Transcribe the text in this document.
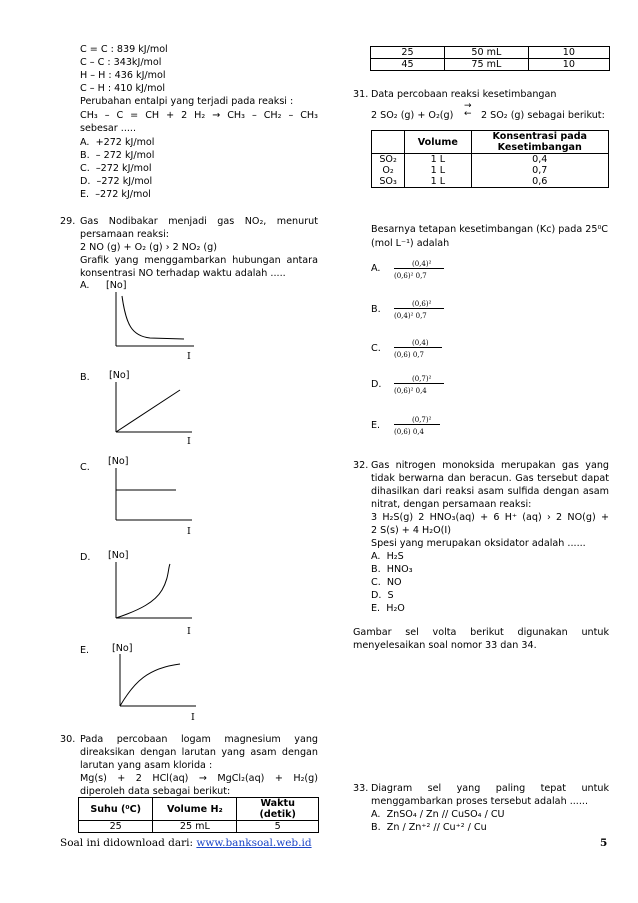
C = C : 839 kJ/mol
C – C : 343kJ/mol
H – H : 436 kJ/mol
C – H : 410 kJ/mol
Perubahan entalpi yang terjadi pada reaksi :
CH₃ – C = CH + 2 H₂ → CH₃ – CH₂ – CH₃
sebesar .....
A. +272 kJ/mol
B. – 272 kJ/mol
C. –272 kJ/mol
D. –272 kJ/mol
E. –272 kJ/mol
29. Gas Nodibakar menjadi gas NO₂, menurut
persamaan reaksi:
2 NO (g) + O₂ (g) › 2 NO₂ (g)
Grafik yang menggambarkan hubungan antara
konsentrasi NO terhadap waktu adalah .....
A. [No]
I
B. [No]
I
C.
[No]
I
D. [No]
I
E. [No]
I
30. Pada percobaan logam magnesium yang
direaksikan dengan larutan yang asam dengan
larutan yang asam klorida :
Mg(s) + 2 HCl(aq) → MgCl₂(aq) + H₂(g)
diperoleh data sebagai berikut:
Suhu (⁰C)	Volume H₂	Waktu (detik)
25	25 mL	5
25	50 mL	10
45	75 mL	10
31. Data percobaan reaksi kesetimbangan
2 SO₂ (g) + O₂(g)
→
← 2 SO₂ (g) sebagai berikut:
	Volume	Konsentrasi pada Kesetimbangan
SO₂	1 L	0,4
O₂	1 L	0,7
SO₃	1 L	0,6
Besarnya tetapan kesetimbangan (Kc) pada 25⁰C
(mol L⁻¹) adalah
A.	(0,4)²
(0,6)² 0,7
B.	(0,6)²
(0,4)² 0,7
C.	(0,4)
(0,6) 0,7
D.	(0,7)²
(0,6)² 0,4
E.	(0,7)²
(0,6) 0,4
32. Gas nitrogen monoksida merupakan gas yang
tidak berwarna dan beracun. Gas tersebut dapat
dihasilkan dari reaksi asam sulfida dengan asam
nitrat, dengan persamaan reaksi:
3 H₂S(g) 2 HNO₃(aq) + 6 H⁺ (aq) › 2 NO(g) +
2 S(s) + 4 H₂O(I)
Spesi yang merupakan oksidator adalah ......
A. H₂S
B. HNO₃
C. NO
D. S
E. H₂O
Gambar sel volta berikut digunakan untuk
menyelesaikan soal nomor 33 dan 34.
33. Diagram sel yang paling tepat untuk
menggambarkan proses tersebut adalah ......
A. ZnSO₄ / Zn // CuSO₄ / CU
B. Zn / Zn⁺² // Cu⁺² / Cu
Soal ini didownload dari: www.banksoal.web.id	5
